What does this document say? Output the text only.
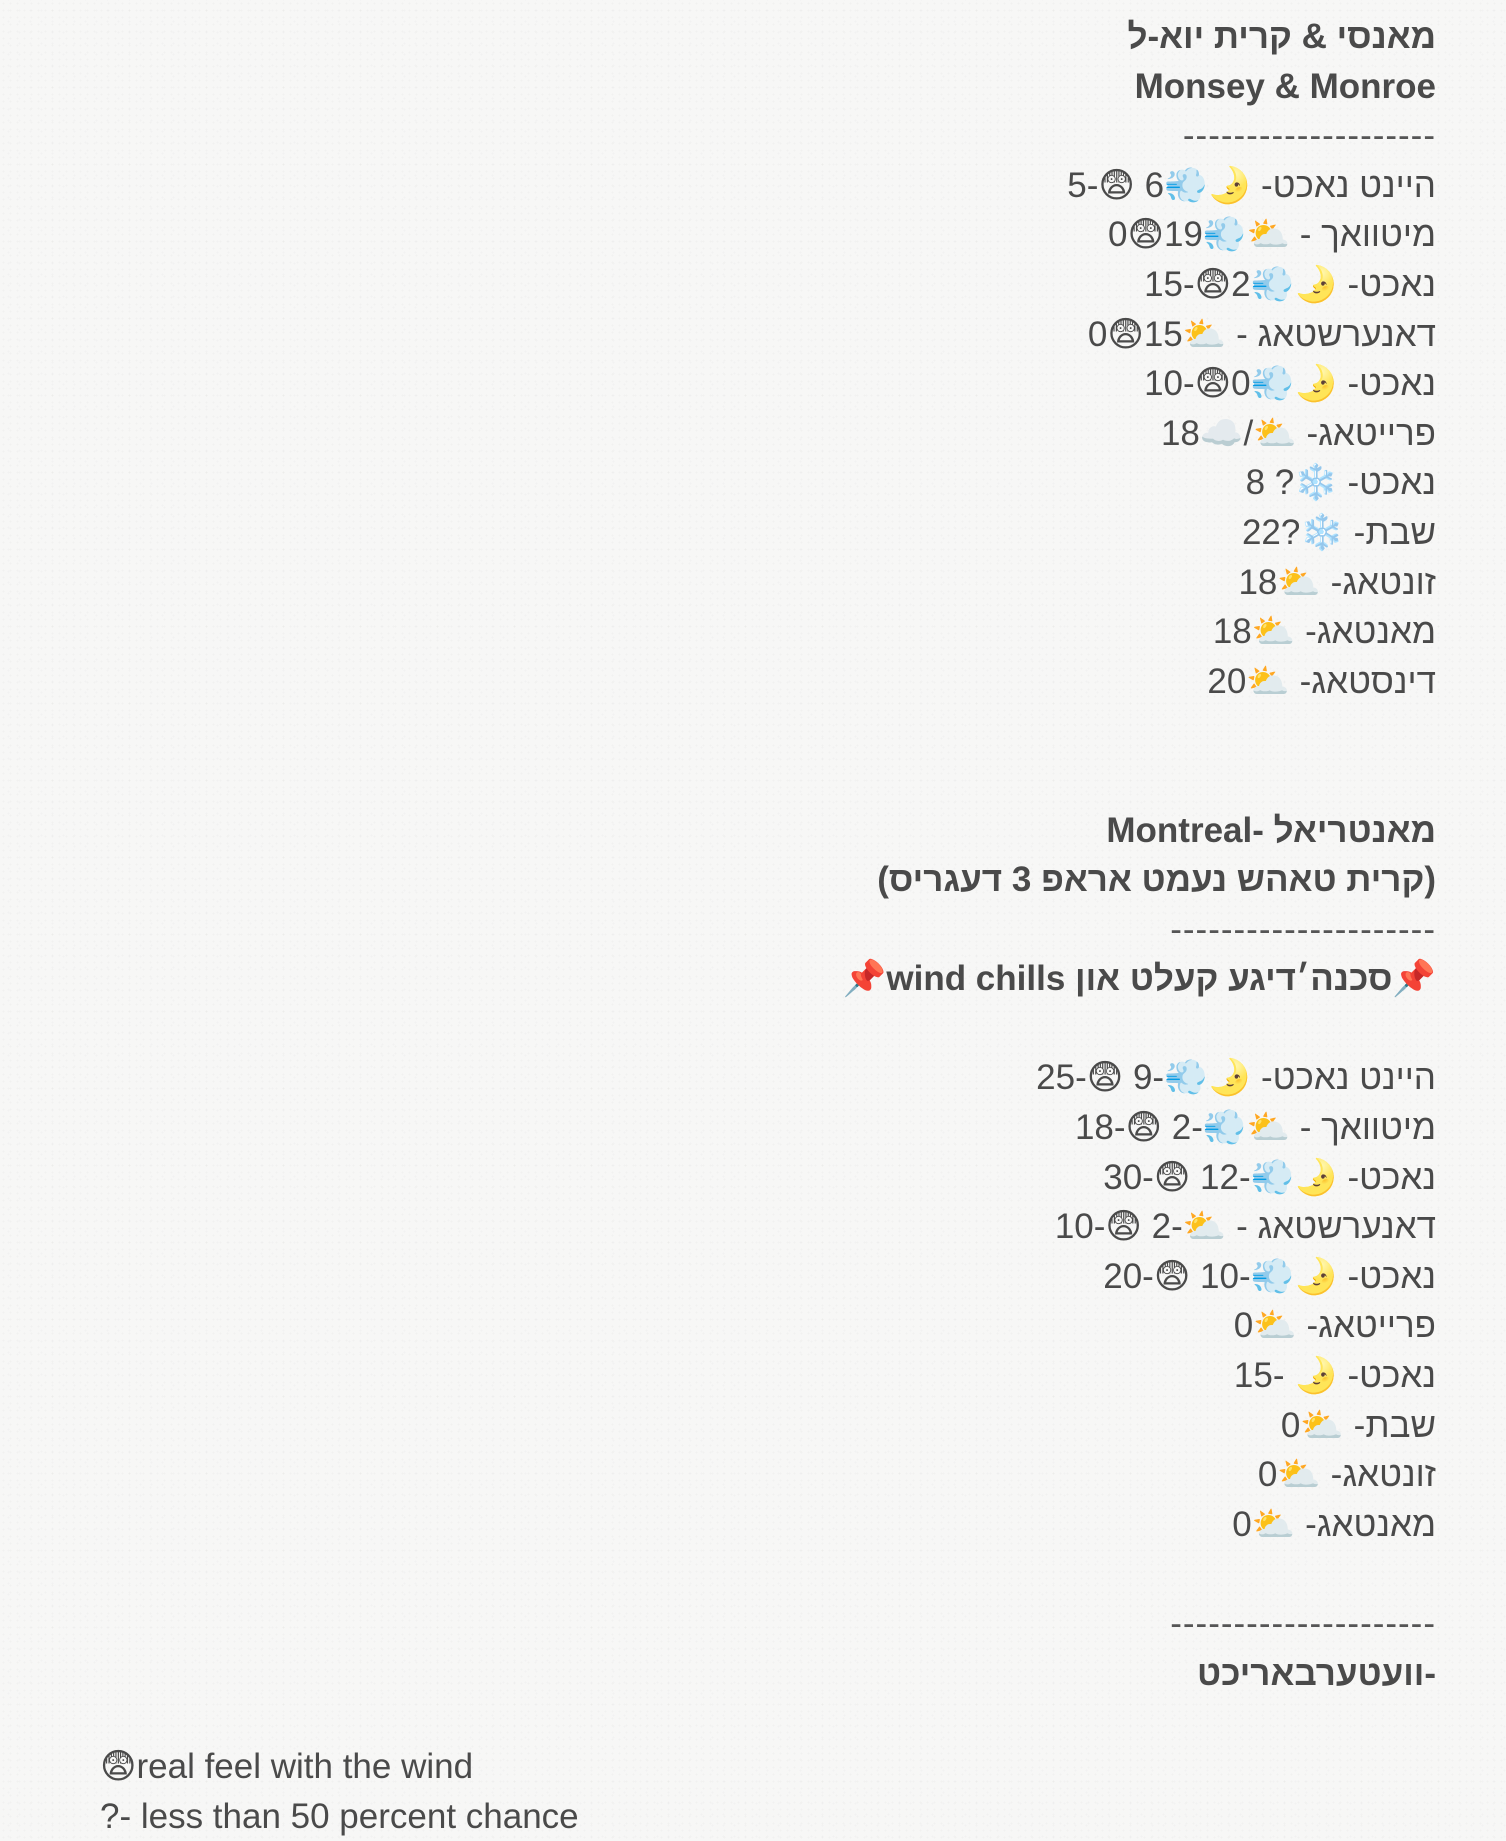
מאנסי & קרית יוא-ל
Monsey & Monroe
--------------------
היינט נאכט- 🌛💨6 😨-5
מיטוואך - ⛅💨19😨0
נאכט- 🌛💨2😨-15
דאנערשטאג - ⛅15😨0
נאכט- 🌛💨0😨-10
פרייטאג- ⛅/☁️18
נאכט- ❄️? 8
שבת- ❄️?22
זונטאג- ⛅18
מאנטאג- ⛅18
דינסטאג- ⛅20
מאנטריאל -Montreal
(קרית טאהש נעמט אראפ 3 דעגריס)
---------------------
📌סכנה׳דיגע קעלט און wind chills📌
היינט נאכט- 🌛💨-9 😨-25
מיטוואך - ⛅💨-2 😨-18
נאכט- 🌛💨-12 😨-30
דאנערשטאג - ⛅-2 😨-10
נאכט- 🌛💨-10 😨-20
פרייטאג- ⛅0
נאכט- 🌛 -15
שבת- ⛅0
זונטאג- ⛅0
מאנטאג- ⛅0
---------------------
-וועטערבאריכט
😨real feel with the wind
?- less than 50 percent chance
